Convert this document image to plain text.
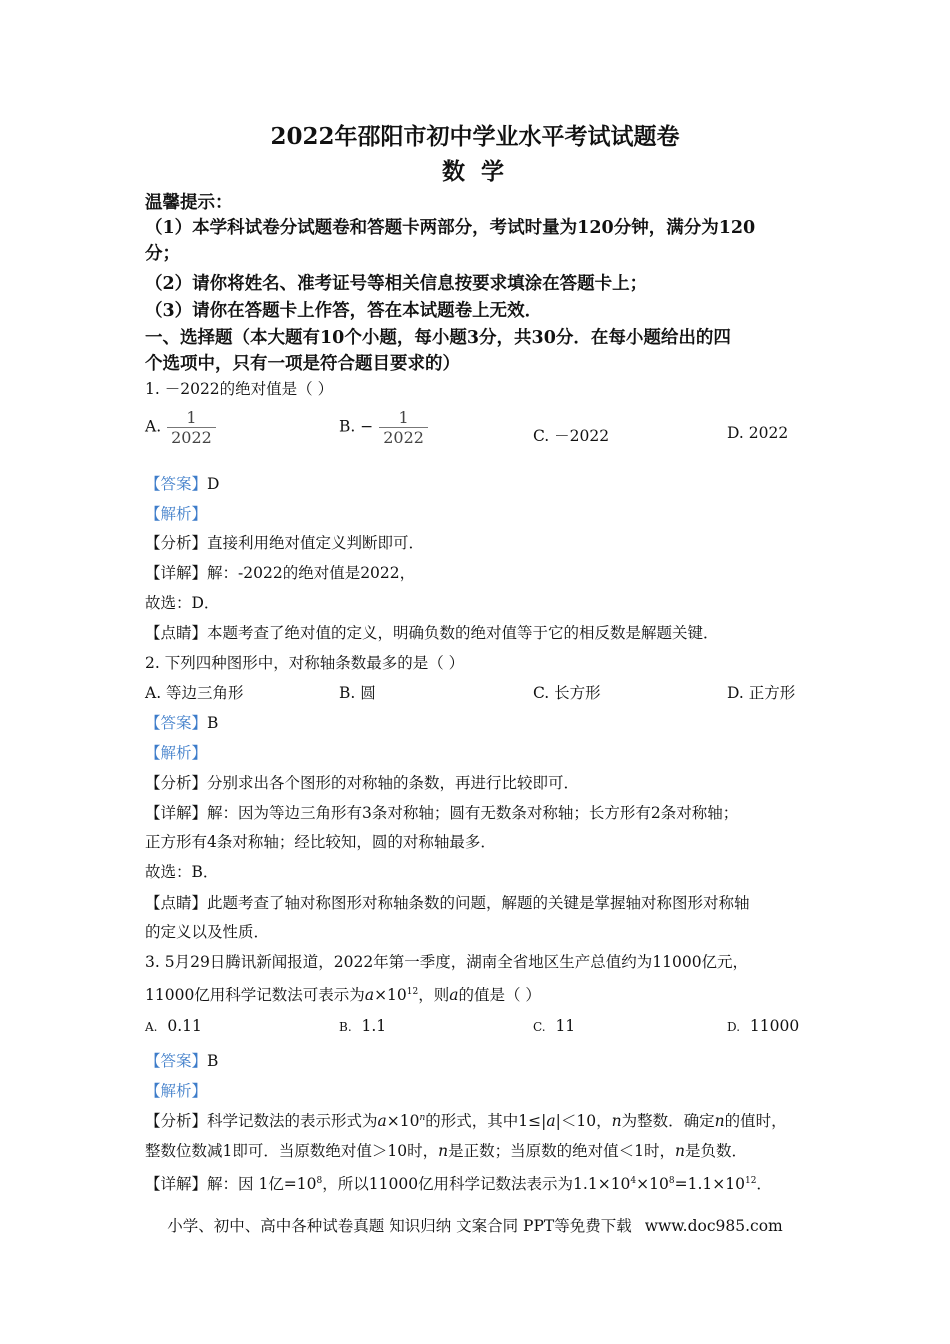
2022年邵阳市初中学业水平考试试题卷
数 学
温馨提示：
（1）本学科试卷分试题卷和答题卡两部分，考试时量为120分钟，满分为120
分；
（2）请你将姓名、准考证号等相关信息按要求填涂在答题卡上；
（3）请你在答题卡上作答，答在本试题卷上无效．
一、选择题（本大题有10个小题，每小题3分，共30分．在每小题给出的四
个选项中，只有一项是符合题目要求的）
1. －2022的绝对值是（ ）
A. $\frac{1}{2022}$	B. − $\frac{1}{2022}$	C. －2022	D. 2022
【答案】D
【解析】
【分析】直接利用绝对值定义判断即可．
【详解】解：-2022的绝对值是2022，
故选：D．
【点睛】本题考查了绝对值的定义，明确负数的绝对值等于它的相反数是解题关键．
2. 下列四种图形中，对称轴条数最多的是（ ）
A. 等边三角形	B. 圆	C. 长方形	D. 正方形
【答案】B
【解析】
【分析】分别求出各个图形的对称轴的条数，再进行比较即可．
【详解】解：因为等边三角形有3条对称轴；圆有无数条对称轴；长方形有2条对称轴；
正方形有4条对称轴；经比较知，圆的对称轴最多．
故选：B．
【点睛】此题考查了轴对称图形对称轴条数的问题，解题的关键是掌握轴对称图形对称轴
的定义以及性质．
3. 5月29日腾讯新闻报道，2022年第一季度，湖南全省地区生产总值约为11000亿元，
11000亿用科学记数法可表示为$a\times 10^{12}$，则a的值是（ ）
A. 0.11	B. 1.1	C. 11	D. 11000
【答案】B
【解析】
【分析】科学记数法的表示形式为$a\times 10^n$的形式，其中1≤|a|＜10，n为整数．确定n的值时，
整数位数减1即可．当原数绝对值＞10时，n是正数；当原数的绝对值＜1时，n是负数．
【详解】解：因 1亿$=10^8$，所以11000亿用科学记数法表示为$1.1\times 10^4\times 10^8=1.1\times 10^{12}$．
小学、初中、高中各种试卷真题 知识归纳 文案合同 PPT等免费下载 www.doc985.com
